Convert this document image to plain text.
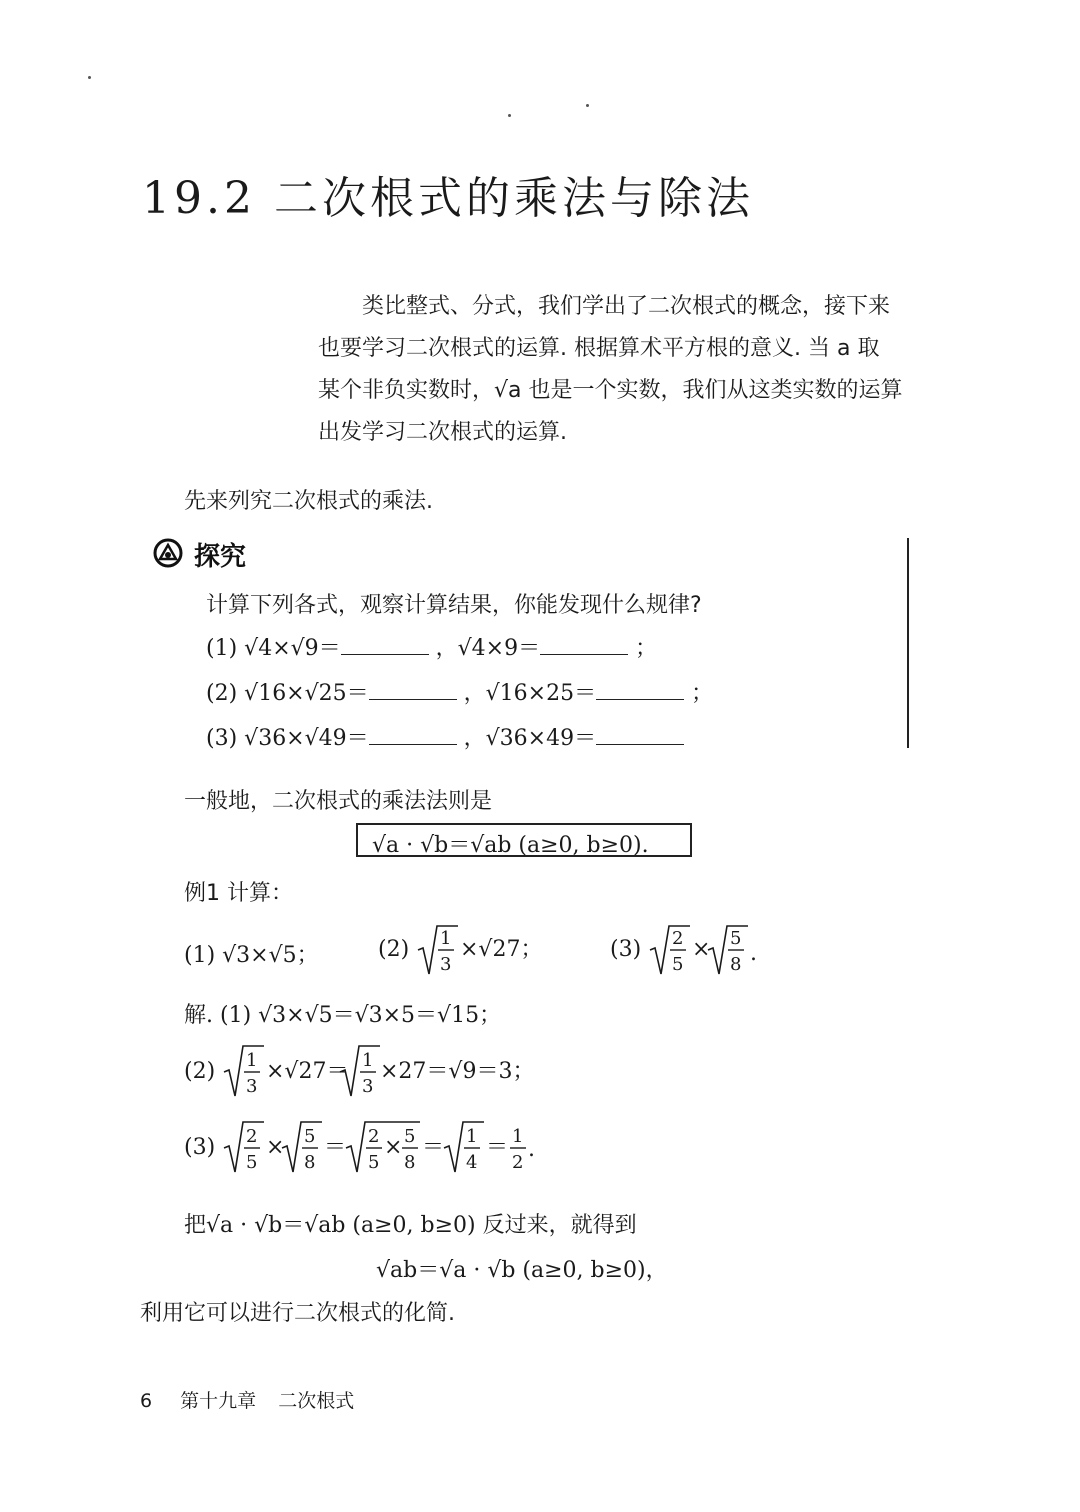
19.2 二次根式的乘法与除法

类比整式、分式，我们学出了二次根式的概念，接下来

也要学习二次根式的运算. 根据算术平方根的意义. 当 a 取

某个非负实数时，√a 也是一个实数，我们从这类实数的运算

出发学习二次根式的运算.

先来列究二次根式的乘法.
探究
计算下列各式，观察计算结果，你能发现什么规律?
(1) √4×√9＝	，√4×9＝	；
(2) √16×√25＝	，√16×25＝	；
(3) √36×√49＝	，√36×49＝
一般地，二次根式的乘法法则是
√a · √b＝√ab (a≥0, b≥0).
例1 计算：
(1) √3×√5；	(2) 1
3
×√27；	(3) 2
5
× 5
8 .
解. (1) √3×√5＝√3×5＝√15；
(2) 1
3
×√27＝ 1
3
×27＝√9＝3；
(3) 2
5
× 5
8
＝ 2
5
× 5
8
＝ 1
4
＝ 1
2
.
把√a · √b＝√ab (a≥0, b≥0) 反过来，就得到
√ab＝√a · √b (a≥0, b≥0)，
利用它可以进行二次根式的化简.
6 第十九章 二次根式
